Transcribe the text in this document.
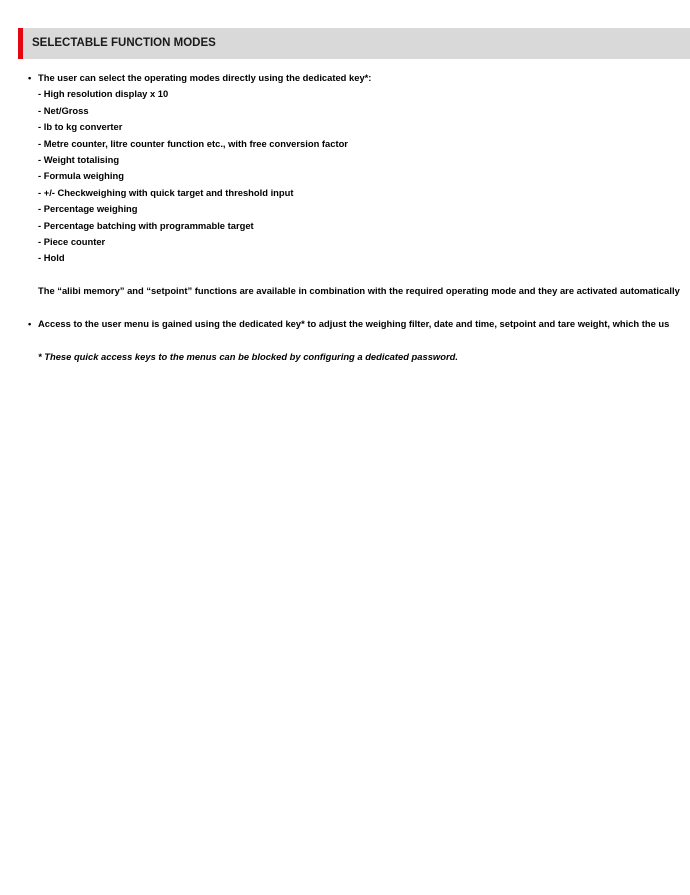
SELECTABLE FUNCTION MODES
• The user can select the operating modes directly using the dedicated key*:
- High resolution display x 10
- Net/Gross
- lb to kg converter
- Metre counter, litre counter function etc., with free conversion factor
- Weight totalising
- Formula weighing
- +/- Checkweighing with quick target and threshold input
- Percentage weighing
- Percentage batching with programmable target
- Piece counter
- Hold
The “alibi memory” and “setpoint” functions are available in combination with the required operating mode and they are activated automatically
• Access to the user menu is gained using the dedicated key* to adjust the weighing filter, date and time, setpoint and tare weight, which the us
* These quick access keys to the menus can be blocked by configuring a dedicated password.
